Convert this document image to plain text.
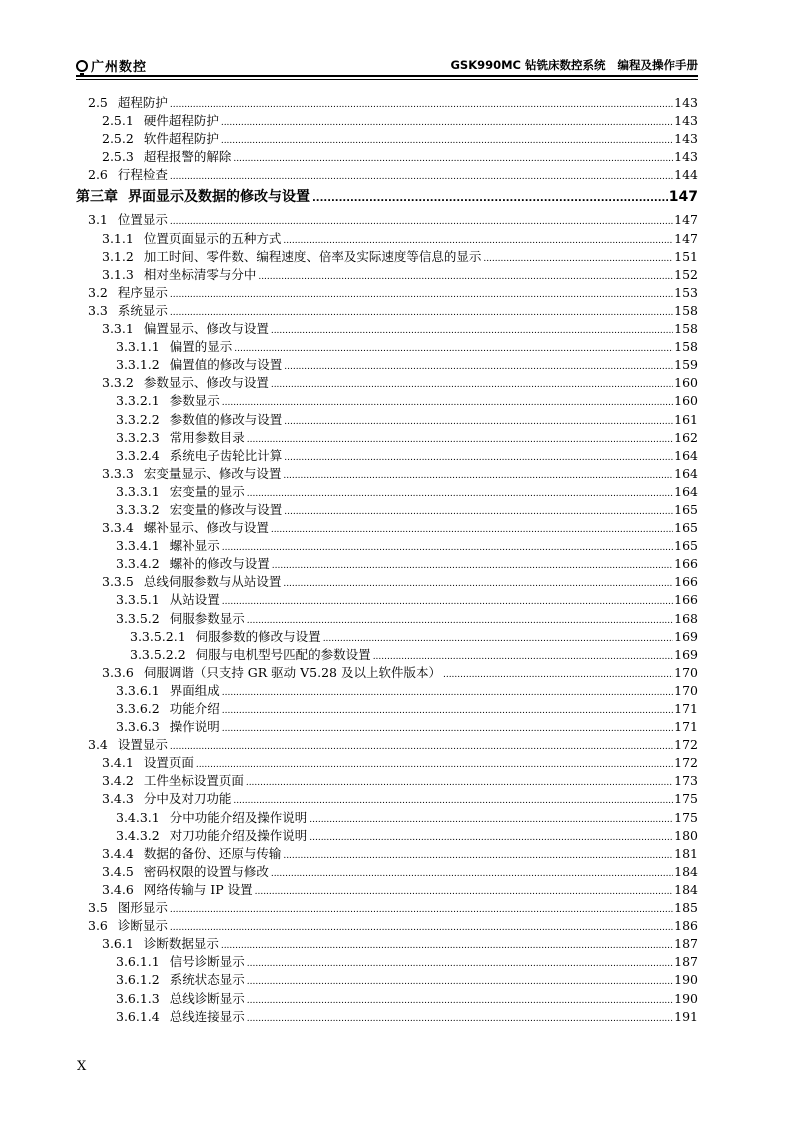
广州数控	GSK990MC 钻铣床数控系统 编程及操作手册
2.5 超程防护 .....	143
2.5.1 硬件超程防护 .....	143
2.5.2 软件超程防护 .....	143
2.5.3 超程报警的解除 .....	143
2.6 行程检查 .....	144
第三章 界面显示及数据的修改与设置 .....	147
3.1 位置显示 .....	147
3.1.1 位置页面显示的五种方式 .....	147
3.1.2 加工时间、零件数、编程速度、倍率及实际速度等信息的显示 .....	151
3.1.3 相对坐标清零与分中 .....	152
3.2 程序显示 .....	153
3.3 系统显示 .....	158
3.3.1 偏置显示、修改与设置 .....	158
3.3.1.1 偏置的显示 .....	158
3.3.1.2 偏置值的修改与设置 .....	159
3.3.2 参数显示、修改与设置 .....	160
3.3.2.1 参数显示 .....	160
3.3.2.2 参数值的修改与设置 .....	161
3.3.2.3 常用参数目录 .....	162
3.3.2.4 系统电子齿轮比计算 .....	164
3.3.3 宏变量显示、修改与设置 .....	164
3.3.3.1 宏变量的显示 .....	164
3.3.3.2 宏变量的修改与设置 .....	165
3.3.4 螺补显示、修改与设置 .....	165
3.3.4.1 螺补显示 .....	165
3.3.4.2 螺补的修改与设置 .....	166
3.3.5 总线伺服参数与从站设置 .....	166
3.3.5.1 从站设置 .....	166
3.3.5.2 伺服参数显示 .....	168
3.3.5.2.1 伺服参数的修改与设置 .....	169
3.3.5.2.2 伺服与电机型号匹配的参数设置 .....	169
3.3.6 伺服调谐（只支持 GR 驱动 V5.28 及以上软件版本） .....	170
3.3.6.1 界面组成 .....	170
3.3.6.2 功能介绍 .....	171
3.3.6.3 操作说明 .....	171
3.4 设置显示 .....	172
3.4.1 设置页面 .....	172
3.4.2 工件坐标设置页面 .....	173
3.4.3 分中及对刀功能 .....	175
3.4.3.1 分中功能介绍及操作说明 .....	175
3.4.3.2 对刀功能介绍及操作说明 .....	180
3.4.4 数据的备份、还原与传输 .....	181
3.4.5 密码权限的设置与修改 .....	184
3.4.6 网络传输与 IP 设置 .....	184
3.5 图形显示 .....	185
3.6 诊断显示 .....	186
3.6.1 诊断数据显示 .....	187
3.6.1.1 信号诊断显示 .....	187
3.6.1.2 系统状态显示 .....	190
3.6.1.3 总线诊断显示 .....	190
3.6.1.4 总线连接显示 .....	191
X
